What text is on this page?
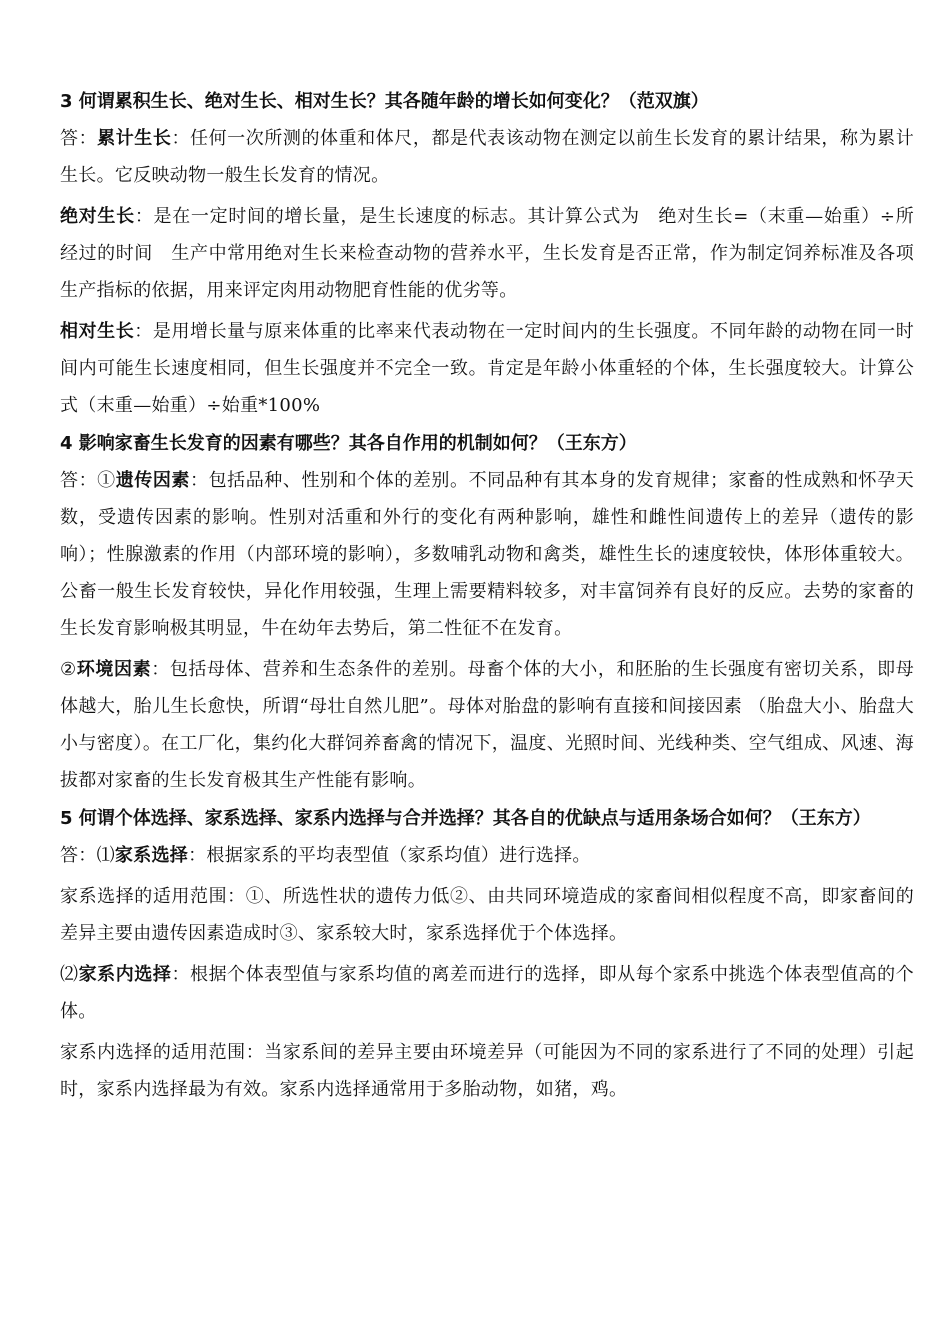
3 何谓累积生长、绝对生长、相对生长？其各随年龄的增长如何变化？（范双旗）

答：累计生长：任何一次所测的体重和体尺，都是代表该动物在测定以前生长发育的累计结果，称为累计生长。它反映动物一般生长发育的情况。

绝对生长：是在一定时间的增长量，是生长速度的标志。其计算公式为　绝对生长=（末重—始重）÷所经过的时间　生产中常用绝对生长来检查动物的营养水平，生长发育是否正常，作为制定饲养标准及各项生产指标的依据，用来评定肉用动物肥育性能的优劣等。

相对生长：是用增长量与原来体重的比率来代表动物在一定时间内的生长强度。不同年龄的动物在同一时间内可能生长速度相同，但生长强度并不完全一致。肯定是年龄小体重轻的个体，生长强度较大。计算公式（末重—始重）÷始重*100%

4 影响家畜生长发育的因素有哪些？其各自作用的机制如何？（王东方）

答：①遗传因素：包括品种、性别和个体的差别。不同品种有其本身的发育规律；家畜的性成熟和怀孕天数，受遗传因素的影响。性别对活重和外行的变化有两种影响，雄性和雌性间遗传上的差异（遗传的影响）；性腺激素的作用（内部环境的影响），多数哺乳动物和禽类，雄性生长的速度较快，体形体重较大。公畜一般生长发育较快，异化作用较强，生理上需要精料较多，对丰富饲养有良好的反应。去势的家畜的生长发育影响极其明显，牛在幼年去势后，第二性征不在发育。

②环境因素：包括母体、营养和生态条件的差别。母畜个体的大小，和胚胎的生长强度有密切关系，即母体越大，胎儿生长愈快，所谓“母壮自然儿肥”。母体对胎盘的影响有直接和间接因素 （胎盘大小、胎盘大小与密度）。在工厂化，集约化大群饲养畜禽的情况下，温度、光照时间、光线种类、空气组成、风速、海拔都对家畜的生长发育极其生产性能有影响。

5 何谓个体选择、家系选择、家系内选择与合并选择？其各自的优缺点与适用条场合如何？（王东方）

答：⑴家系选择：根据家系的平均表型值（家系均值）进行选择。

家系选择的适用范围：①、所选性状的遗传力低②、由共同环境造成的家畜间相似程度不高，即家畜间的差异主要由遗传因素造成时③、家系较大时，家系选择优于个体选择。

⑵家系内选择：根据个体表型值与家系均值的离差而进行的选择，即从每个家系中挑选个体表型值高的个体。

家系内选择的适用范围：当家系间的差异主要由环境差异（可能因为不同的家系进行了不同的处理）引起时，家系内选择最为有效。家系内选择通常用于多胎动物，如猪，鸡。
